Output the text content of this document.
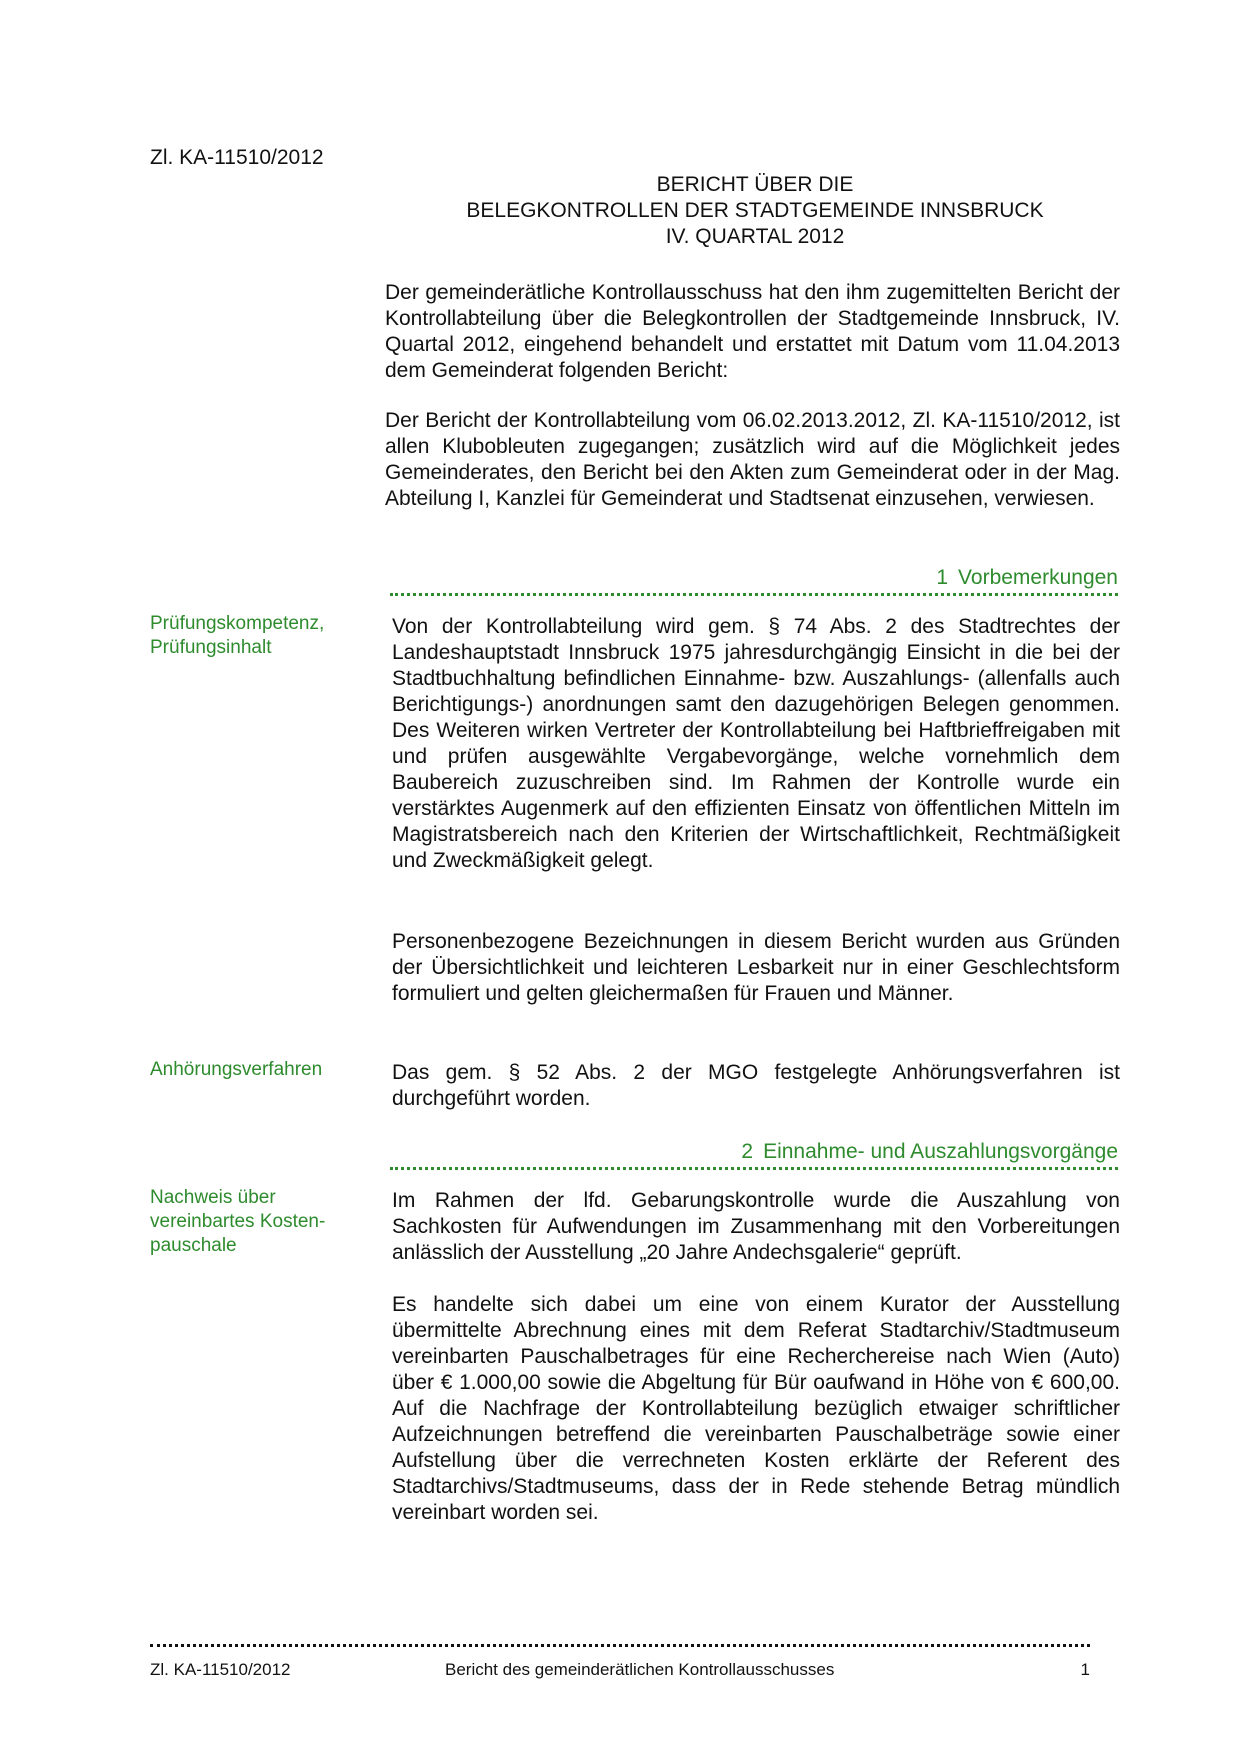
Zl. KA-11510/2012
BERICHT ÜBER DIE
BELEGKONTROLLEN DER STADTGEMEINDE INNSBRUCK
IV. QUARTAL 2012

Der gemeinderätliche Kontrollausschuss hat den ihm zugemittelten Bericht der Kontrollabteilung über die Belegkontrollen der Stadtgemeinde Innsbruck, IV. Quartal 2012, eingehend behandelt und erstattet mit Datum vom 11.04.2013 dem Gemeinderat folgenden Bericht:

Der Bericht der Kontrollabteilung vom 06.02.2013.2012, Zl. KA-11510/2012, ist allen Klubobleuten zugegangen; zusätzlich wird auf die Möglichkeit jedes Gemeinderates, den Bericht bei den Akten zum Gemeinderat oder in der Mag. Abteilung I, Kanzlei für Gemeinderat und Stadtsenat einzusehen, verwiesen.

1 Vorbemerkungen
Prüfungskompetenz,
Prüfungsinhalt

Von der Kontrollabteilung wird gem. § 74 Abs. 2 des Stadtrechtes der Landeshauptstadt Innsbruck 1975 jahresdurchgängig Einsicht in die bei der Stadtbuchhaltung befindlichen Einnahme- bzw. Auszahlungs- (allenfalls auch Berichtigungs-) anordnungen samt den dazugehörigen Belegen genommen. Des Weiteren wirken Vertreter der Kontrollabteilung bei Haftbrieffreigaben mit und prüfen ausgewählte Vergabevorgänge, welche vornehmlich dem Baubereich zuzuschreiben sind. Im Rahmen der Kontrolle wurde ein verstärktes Augenmerk auf den effizienten Einsatz von öffentlichen Mitteln im Magistratsbereich nach den Kriterien der Wirtschaftlichkeit, Rechtmäßigkeit und Zweckmäßigkeit gelegt.

Personenbezogene Bezeichnungen in diesem Bericht wurden aus Gründen der Übersichtlichkeit und leichteren Lesbarkeit nur in einer Geschlechtsform formuliert und gelten gleichermaßen für Frauen und Männer.

Anhörungsverfahren	Das gem. § 52 Abs. 2 der MGO festgelegte Anhörungsverfahren ist durchgeführt worden.

2 Einnahme- und Auszahlungsvorgänge
Nachweis über
vereinbartes Kosten-
pauschale

Im Rahmen der lfd. Gebarungskontrolle wurde die Auszahlung von Sachkosten für Aufwendungen im Zusammenhang mit den Vorbereitungen anlässlich der Ausstellung „20 Jahre Andechsgalerie“ geprüft.

Es handelte sich dabei um eine von einem Kurator der Ausstellung übermittelte Abrechnung eines mit dem Referat Stadtarchiv/Stadtmuseum vereinbarten Pauschalbetrages für eine Recherchereise nach Wien (Auto) über € 1.000,00 sowie die Abgeltung für Bür oaufwand in Höhe von € 600,00. Auf die Nachfrage der Kontrollabteilung bezüglich etwaiger schriftlicher Aufzeichnungen betreffend die vereinbarten Pauschalbeträge sowie einer Aufstellung über die verrechneten Kosten erklärte der Referent des Stadtarchivs/Stadtmuseums, dass der in Rede stehende Betrag mündlich vereinbart worden sei.

Zl. KA-11510/2012	Bericht des gemeinderätlichen Kontrollausschusses	1
